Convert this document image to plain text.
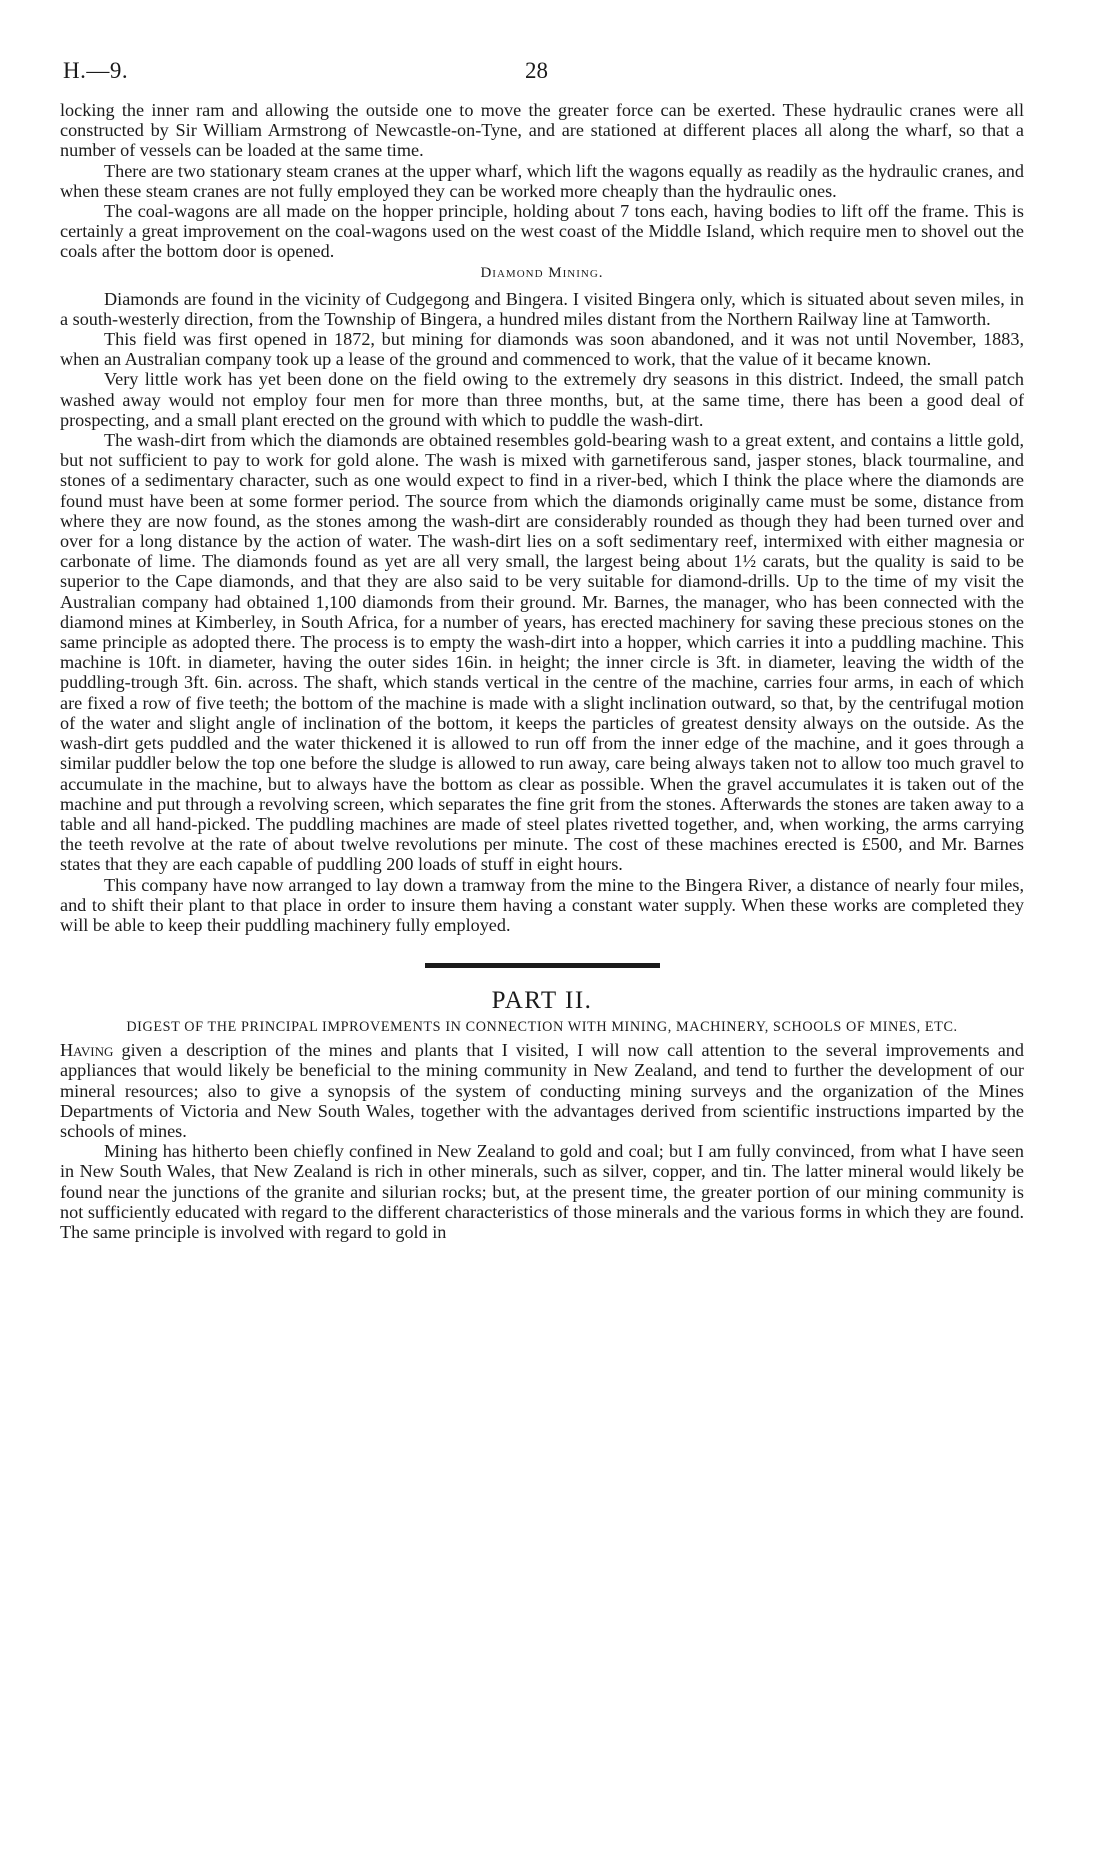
H.—9.	28

locking the inner ram and allowing the outside one to move the greater force can be exerted. These hydraulic cranes were all constructed by Sir William Armstrong of Newcastle-on-Tyne, and are stationed at different places all along the wharf, so that a number of vessels can be loaded at the same time.

There are two stationary steam cranes at the upper wharf, which lift the wagons equally as readily as the hydraulic cranes, and when these steam cranes are not fully employed they can be worked more cheaply than the hydraulic ones.

The coal-wagons are all made on the hopper principle, holding about 7 tons each, having bodies to lift off the frame. This is certainly a great improvement on the coal-wagons used on the west coast of the Middle Island, which require men to shovel out the coals after the bottom door is opened.

Diamond Mining.

Diamonds are found in the vicinity of Cudgegong and Bingera. I visited Bingera only, which is situated about seven miles, in a south-westerly direction, from the Township of Bingera, a hundred miles distant from the Northern Railway line at Tamworth.

This field was first opened in 1872, but mining for diamonds was soon abandoned, and it was not until November, 1883, when an Australian company took up a lease of the ground and commenced to work, that the value of it became known.

Very little work has yet been done on the field owing to the extremely dry seasons in this district. Indeed, the small patch washed away would not employ four men for more than three months, but, at the same time, there has been a good deal of prospecting, and a small plant erected on the ground with which to puddle the wash-dirt.

The wash-dirt from which the diamonds are obtained resembles gold-bearing wash to a great extent, and contains a little gold, but not sufficient to pay to work for gold alone. The wash is mixed with garnetiferous sand, jasper stones, black tourmaline, and stones of a sedimentary character, such as one would expect to find in a river-bed, which I think the place where the diamonds are found must have been at some former period. The source from which the diamonds originally came must be some, distance from where they are now found, as the stones among the wash-dirt are considerably rounded as though they had been turned over and over for a long distance by the action of water. The wash-dirt lies on a soft sedimentary reef, intermixed with either magnesia or carbonate of lime. The diamonds found as yet are all very small, the largest being about 1½ carats, but the quality is said to be superior to the Cape diamonds, and that they are also said to be very suitable for diamond-drills. Up to the time of my visit the Australian company had obtained 1,100 diamonds from their ground. Mr. Barnes, the manager, who has been connected with the diamond mines at Kimberley, in South Africa, for a number of years, has erected machinery for saving these precious stones on the same principle as adopted there. The process is to empty the wash-dirt into a hopper, which carries it into a puddling machine. This machine is 10ft. in diameter, having the outer sides 16in. in height; the inner circle is 3ft. in diameter, leaving the width of the puddling-trough 3ft. 6in. across. The shaft, which stands vertical in the centre of the machine, carries four arms, in each of which are fixed a row of five teeth; the bottom of the machine is made with a slight inclination outward, so that, by the centrifugal motion of the water and slight angle of inclination of the bottom, it keeps the particles of greatest density always on the outside. As the wash-dirt gets puddled and the water thickened it is allowed to run off from the inner edge of the machine, and it goes through a similar puddler below the top one before the sludge is allowed to run away, care being always taken not to allow too much gravel to accumulate in the machine, but to always have the bottom as clear as possible. When the gravel accumulates it is taken out of the machine and put through a revolving screen, which separates the fine grit from the stones. Afterwards the stones are taken away to a table and all hand-picked. The puddling machines are made of steel plates rivetted together, and, when working, the arms carrying the teeth revolve at the rate of about twelve revolutions per minute. The cost of these machines erected is £500, and Mr. Barnes states that they are each capable of puddling 200 loads of stuff in eight hours.

This company have now arranged to lay down a tramway from the mine to the Bingera River, a distance of nearly four miles, and to shift their plant to that place in order to insure them having a constant water supply. When these works are completed they will be able to keep their puddling machinery fully employed.

PART II.
DIGEST OF THE PRINCIPAL IMPROVEMENTS IN CONNECTION WITH MINING, MACHINERY, SCHOOLS OF MINES, ETC.

Having given a description of the mines and plants that I visited, I will now call attention to the several improvements and appliances that would likely be beneficial to the mining community in New Zealand, and tend to further the development of our mineral resources; also to give a synopsis of the system of conducting mining surveys and the organization of the Mines Departments of Victoria and New South Wales, together with the advantages derived from scientific instructions imparted by the schools of mines.

Mining has hitherto been chiefly confined in New Zealand to gold and coal; but I am fully convinced, from what I have seen in New South Wales, that New Zealand is rich in other minerals, such as silver, copper, and tin. The latter mineral would likely be found near the junctions of the granite and silurian rocks; but, at the present time, the greater portion of our mining community is not sufficiently educated with regard to the different characteristics of those minerals and the various forms in which they are found. The same principle is involved with regard to gold in
